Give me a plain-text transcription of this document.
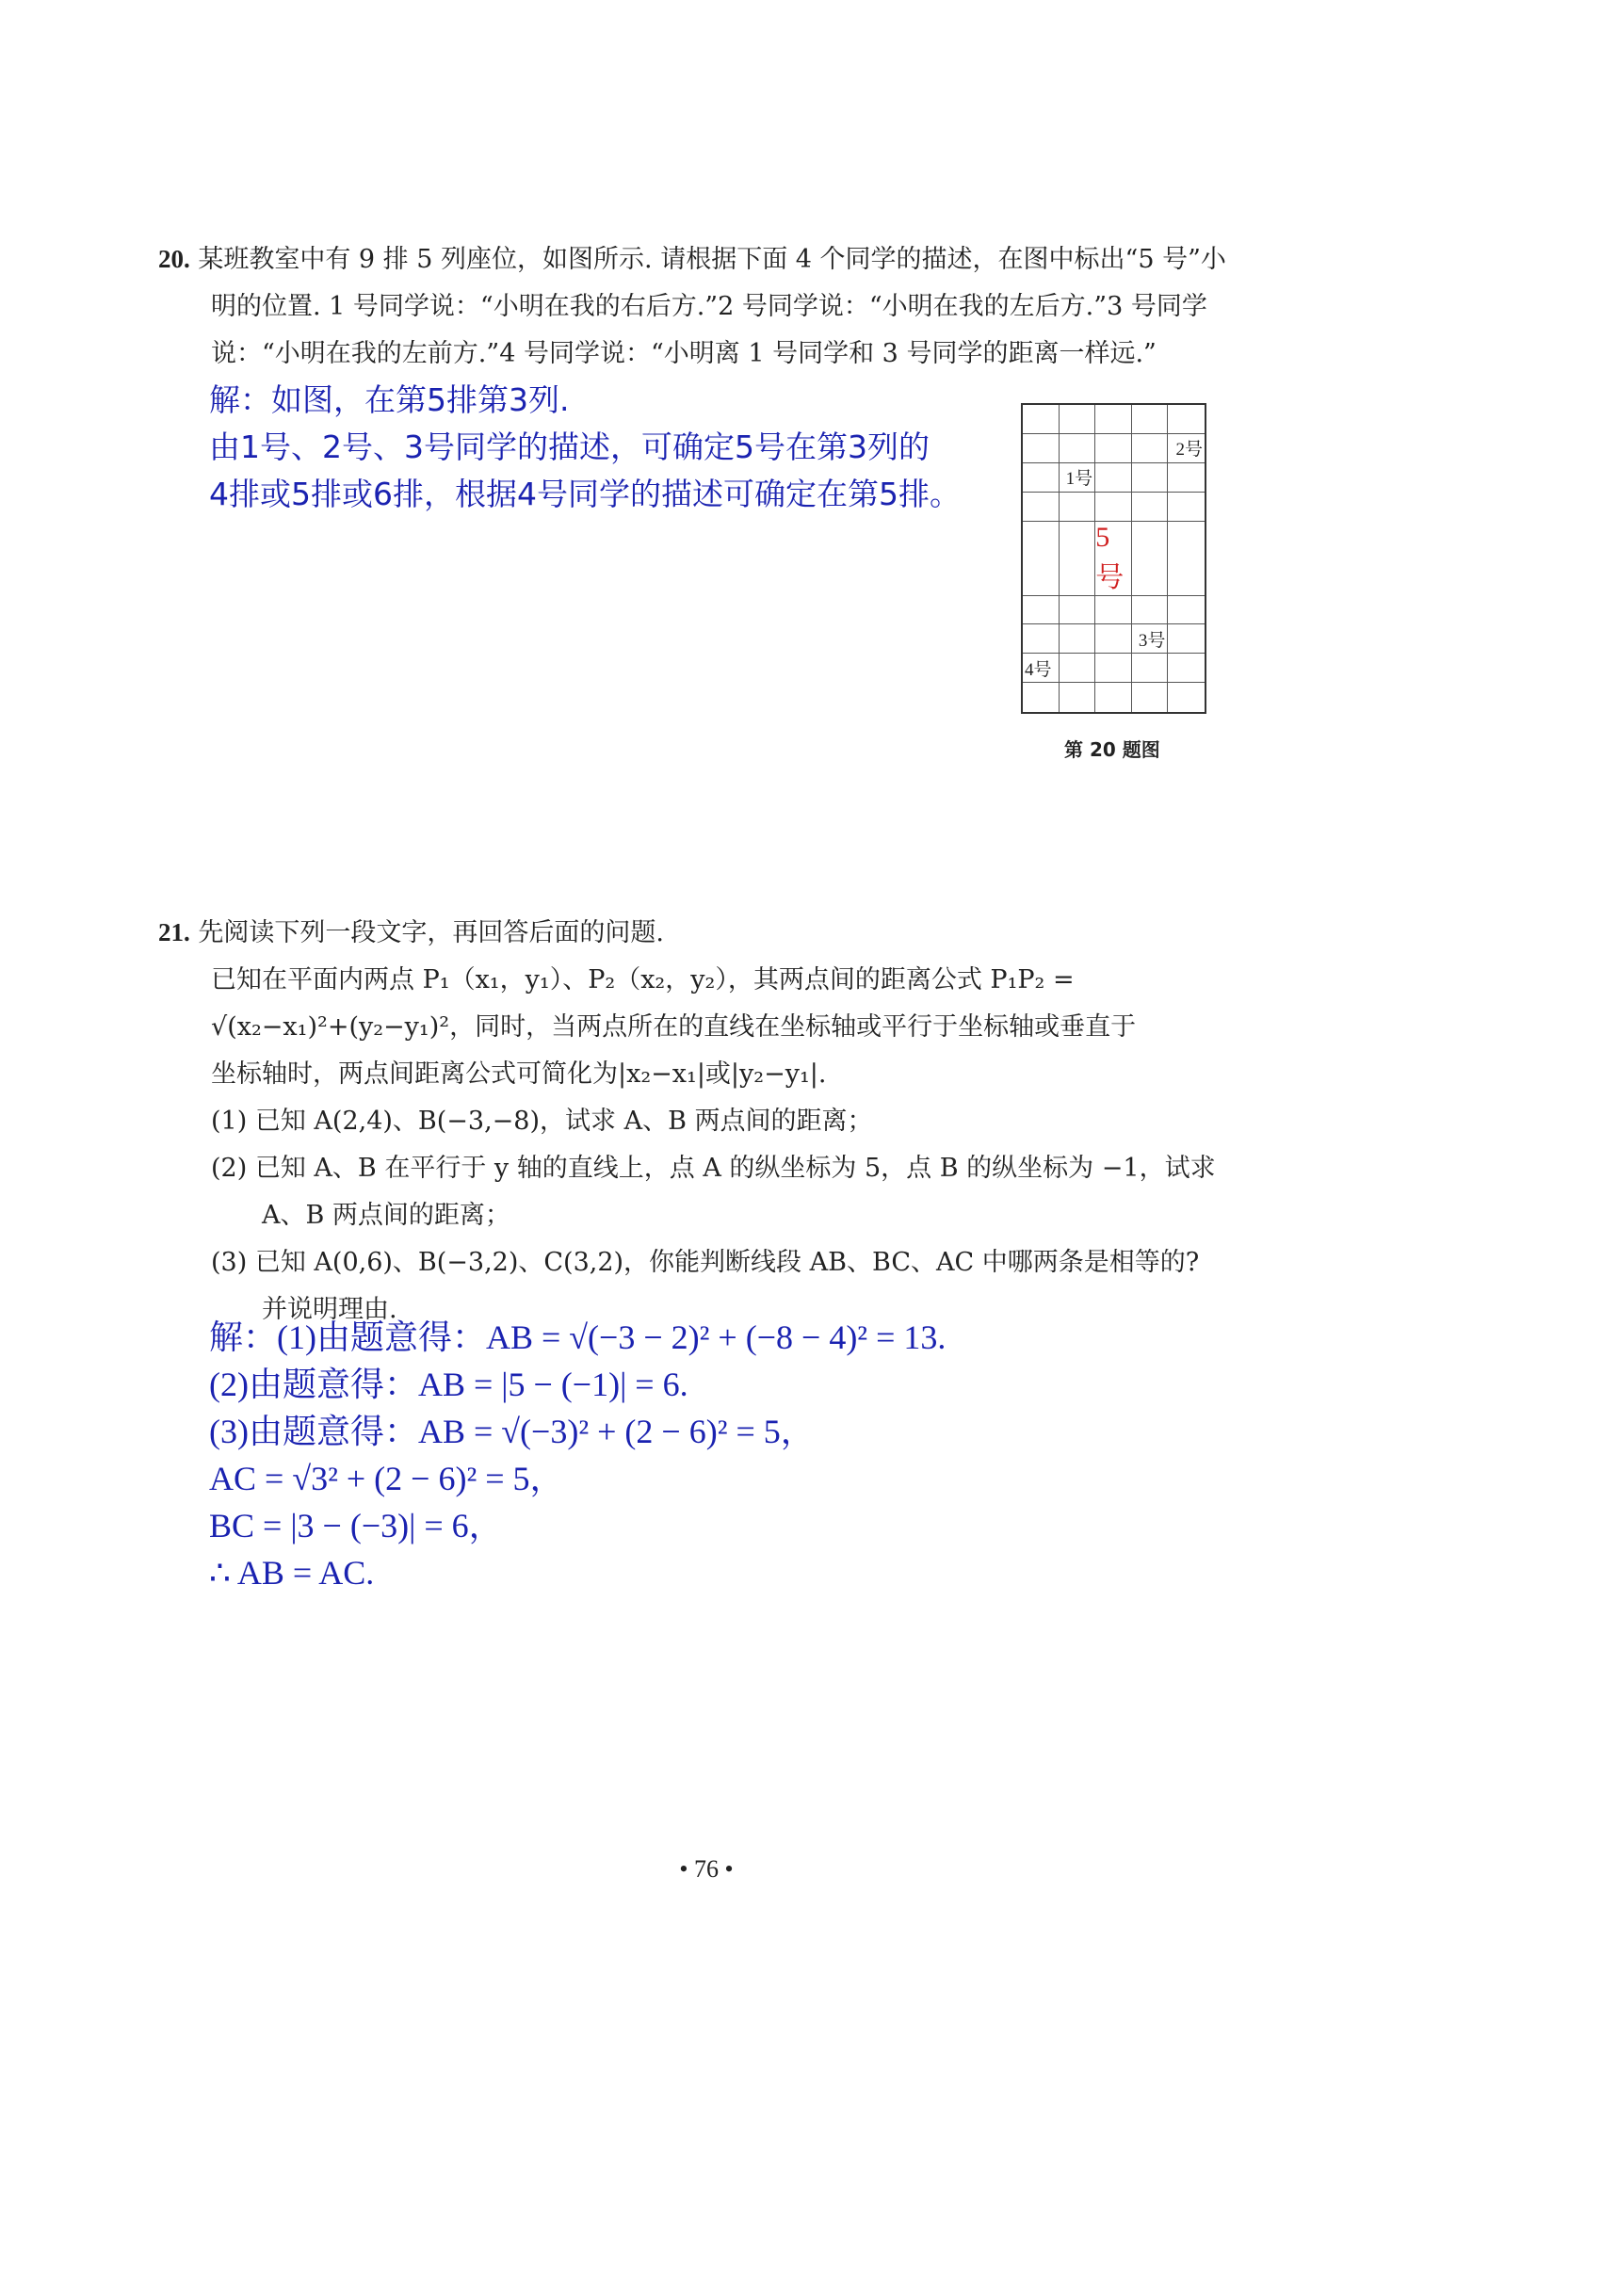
20. 某班教室中有 9 排 5 列座位，如图所示. 请根据下面 4 个同学的描述，在图中标出“5 号”小
明的位置. 1 号同学说：“小明在我的右后方.”2 号同学说：“小明在我的左后方.”3 号同学
说：“小明在我的左前方.”4 号同学说：“小明离 1 号同学和 3 号同学的距离一样远.”
解：如图，在第5排第3列.
由1号、2号、3号同学的描述，可确定5号在第3列的
4排或5排或6排，根据4号同学的描述可确定在第5排。
2号
1号
5号
3号
4号
第 20 题图
21. 先阅读下列一段文字，再回答后面的问题.
已知在平面内两点 P₁（x₁，y₁）、P₂（x₂，y₂），其两点间的距离公式 P₁P₂ =
√(x₂−x₁)²+(y₂−y₁)²，同时，当两点所在的直线在坐标轴或平行于坐标轴或垂直于
坐标轴时，两点间距离公式可简化为|x₂−x₁|或|y₂−y₁|.
(1) 已知 A(2,4)、B(−3,−8)，试求 A、B 两点间的距离；
(2) 已知 A、B 在平行于 y 轴的直线上，点 A 的纵坐标为 5，点 B 的纵坐标为 −1，试求
A、B 两点间的距离；
(3) 已知 A(0,6)、B(−3,2)、C(3,2)，你能判断线段 AB、BC、AC 中哪两条是相等的?
并说明理由.
解：(1)由题意得：AB = √(−3 − 2)² + (−8 − 4)² = 13.
(2)由题意得：AB = |5 − (−1)| = 6.
(3)由题意得：AB = √(−3)² + (2 − 6)² = 5，
AC = √3² + (2 − 6)² = 5，
BC = |3 − (−3)| = 6，
∴ AB = AC.
• 76 •
